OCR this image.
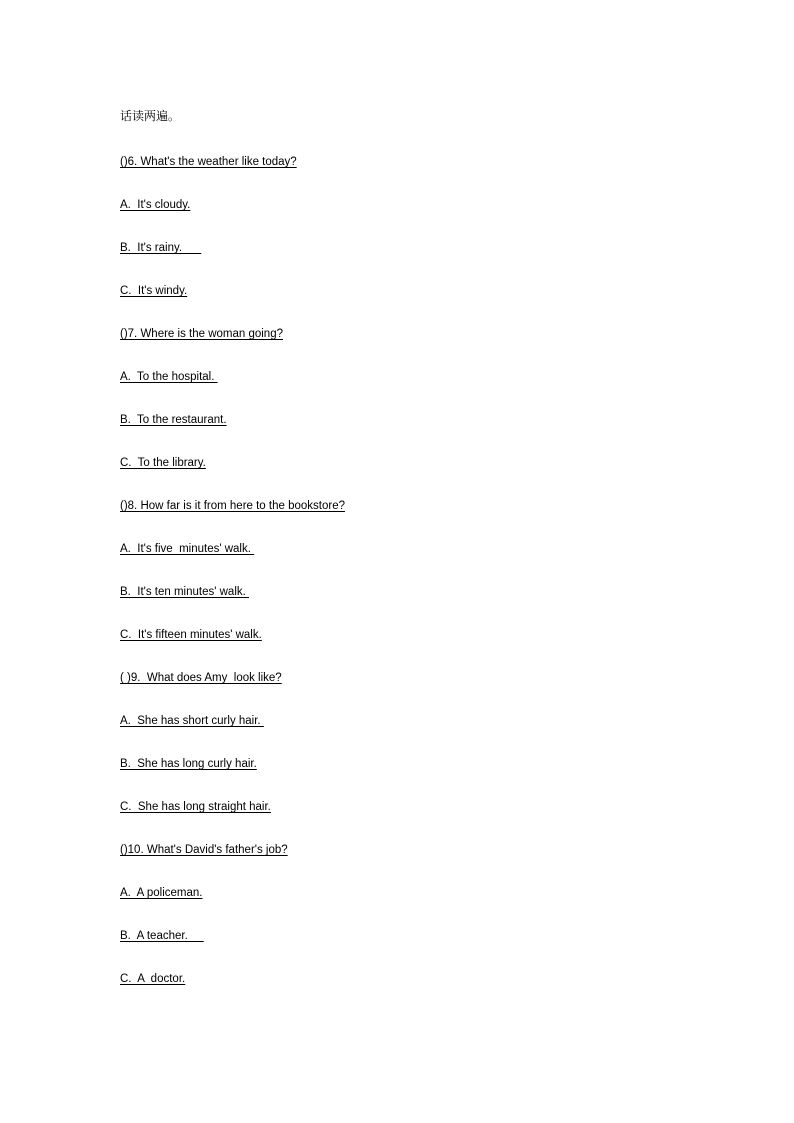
话读两遍。
()6. What's the weather like today?
A.  It's cloudy.
B.  It's rainy.
C.  It's windy.
()7. Where is the woman going?
A.  To the hospital.
B.  To the restaurant.
C.  To the library.
()8. How far is it from here to the bookstore?
A.  It's five  minutes' walk.
B.  It's ten minutes' walk.
C.  It's fifteen minutes' walk.
( )9.  What does Amy  look like?
A.  She has short curly hair.
B.  She has long curly hair.
C.  She has long straight hair.
()10. What's David's father's job?
A.  A policeman.
B.  A teacher.
C.  A  doctor.
